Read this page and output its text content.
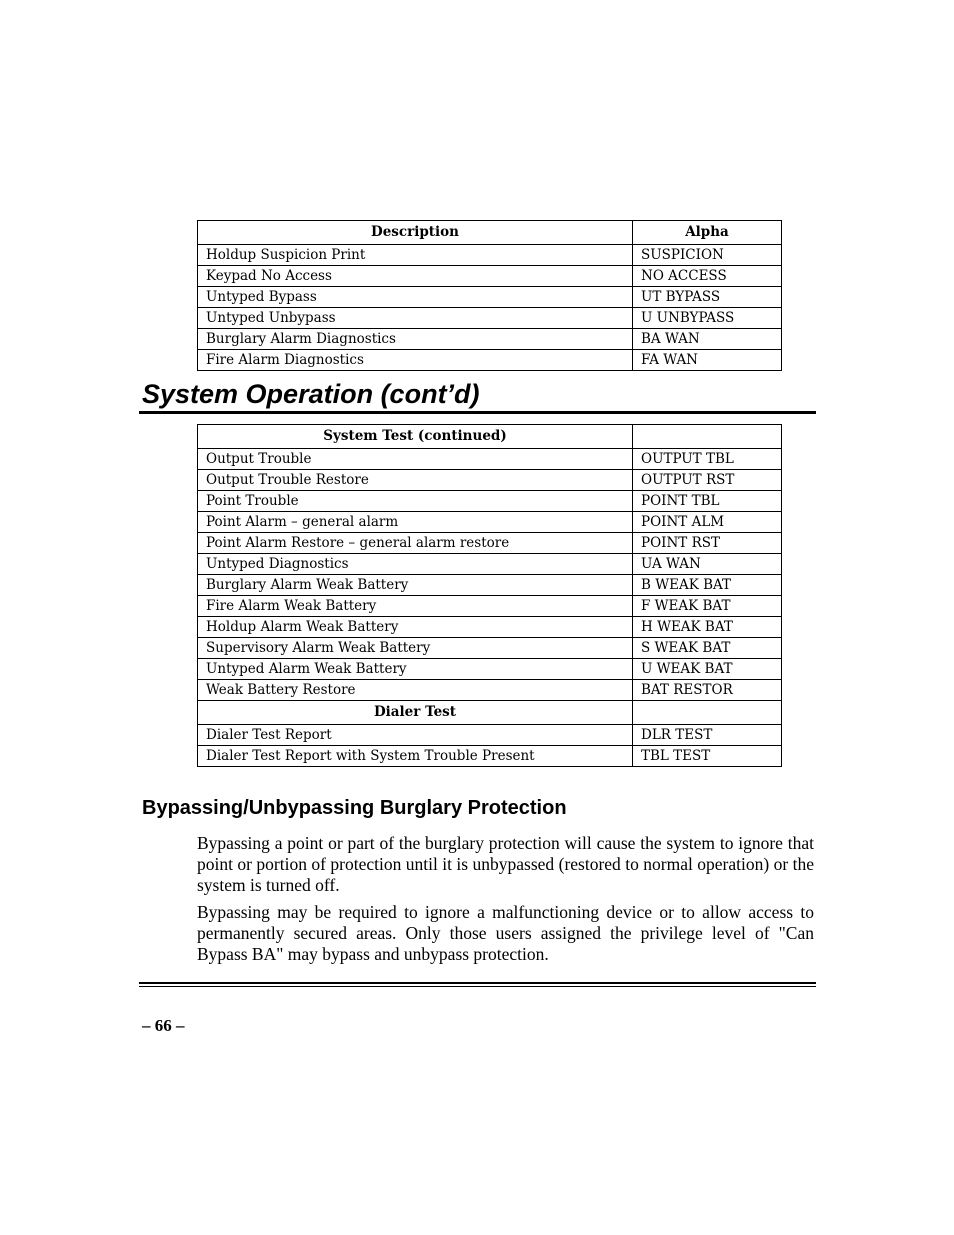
Description	Alpha
Holdup Suspicion Print	SUSPICION
Keypad No Access	NO ACCESS
Untyped Bypass	UT BYPASS
Untyped Unbypass	U UNBYPASS
Burglary Alarm Diagnostics	BA WAN
Fire Alarm Diagnostics	FA WAN
System Operation (cont’d)
System Test (continued)	
Output Trouble	OUTPUT TBL
Output Trouble Restore	OUTPUT RST
Point Trouble	POINT TBL
Point Alarm – general alarm	POINT ALM
Point Alarm Restore – general alarm restore	POINT RST
Untyped Diagnostics	UA WAN
Burglary Alarm Weak Battery	B WEAK BAT
Fire Alarm Weak Battery	F WEAK BAT
Holdup Alarm Weak Battery	H WEAK BAT
Supervisory Alarm Weak Battery	S WEAK BAT
Untyped Alarm Weak Battery	U WEAK BAT
Weak Battery Restore	BAT RESTOR
Dialer Test	
Dialer Test Report	DLR TEST
Dialer Test Report with System Trouble Present	TBL TEST
Bypassing/Unbypassing Burglary Protection

Bypassing a point or part of the burglary protection will cause the system to ignore that point or portion of protection until it is unbypassed (restored to normal operation) or the system is turned off.

Bypassing may be required to ignore a malfunctioning device or to allow access to permanently secured areas. Only those users assigned the privilege level of "Can Bypass BA" may bypass and unbypass protection.

– 66 –
